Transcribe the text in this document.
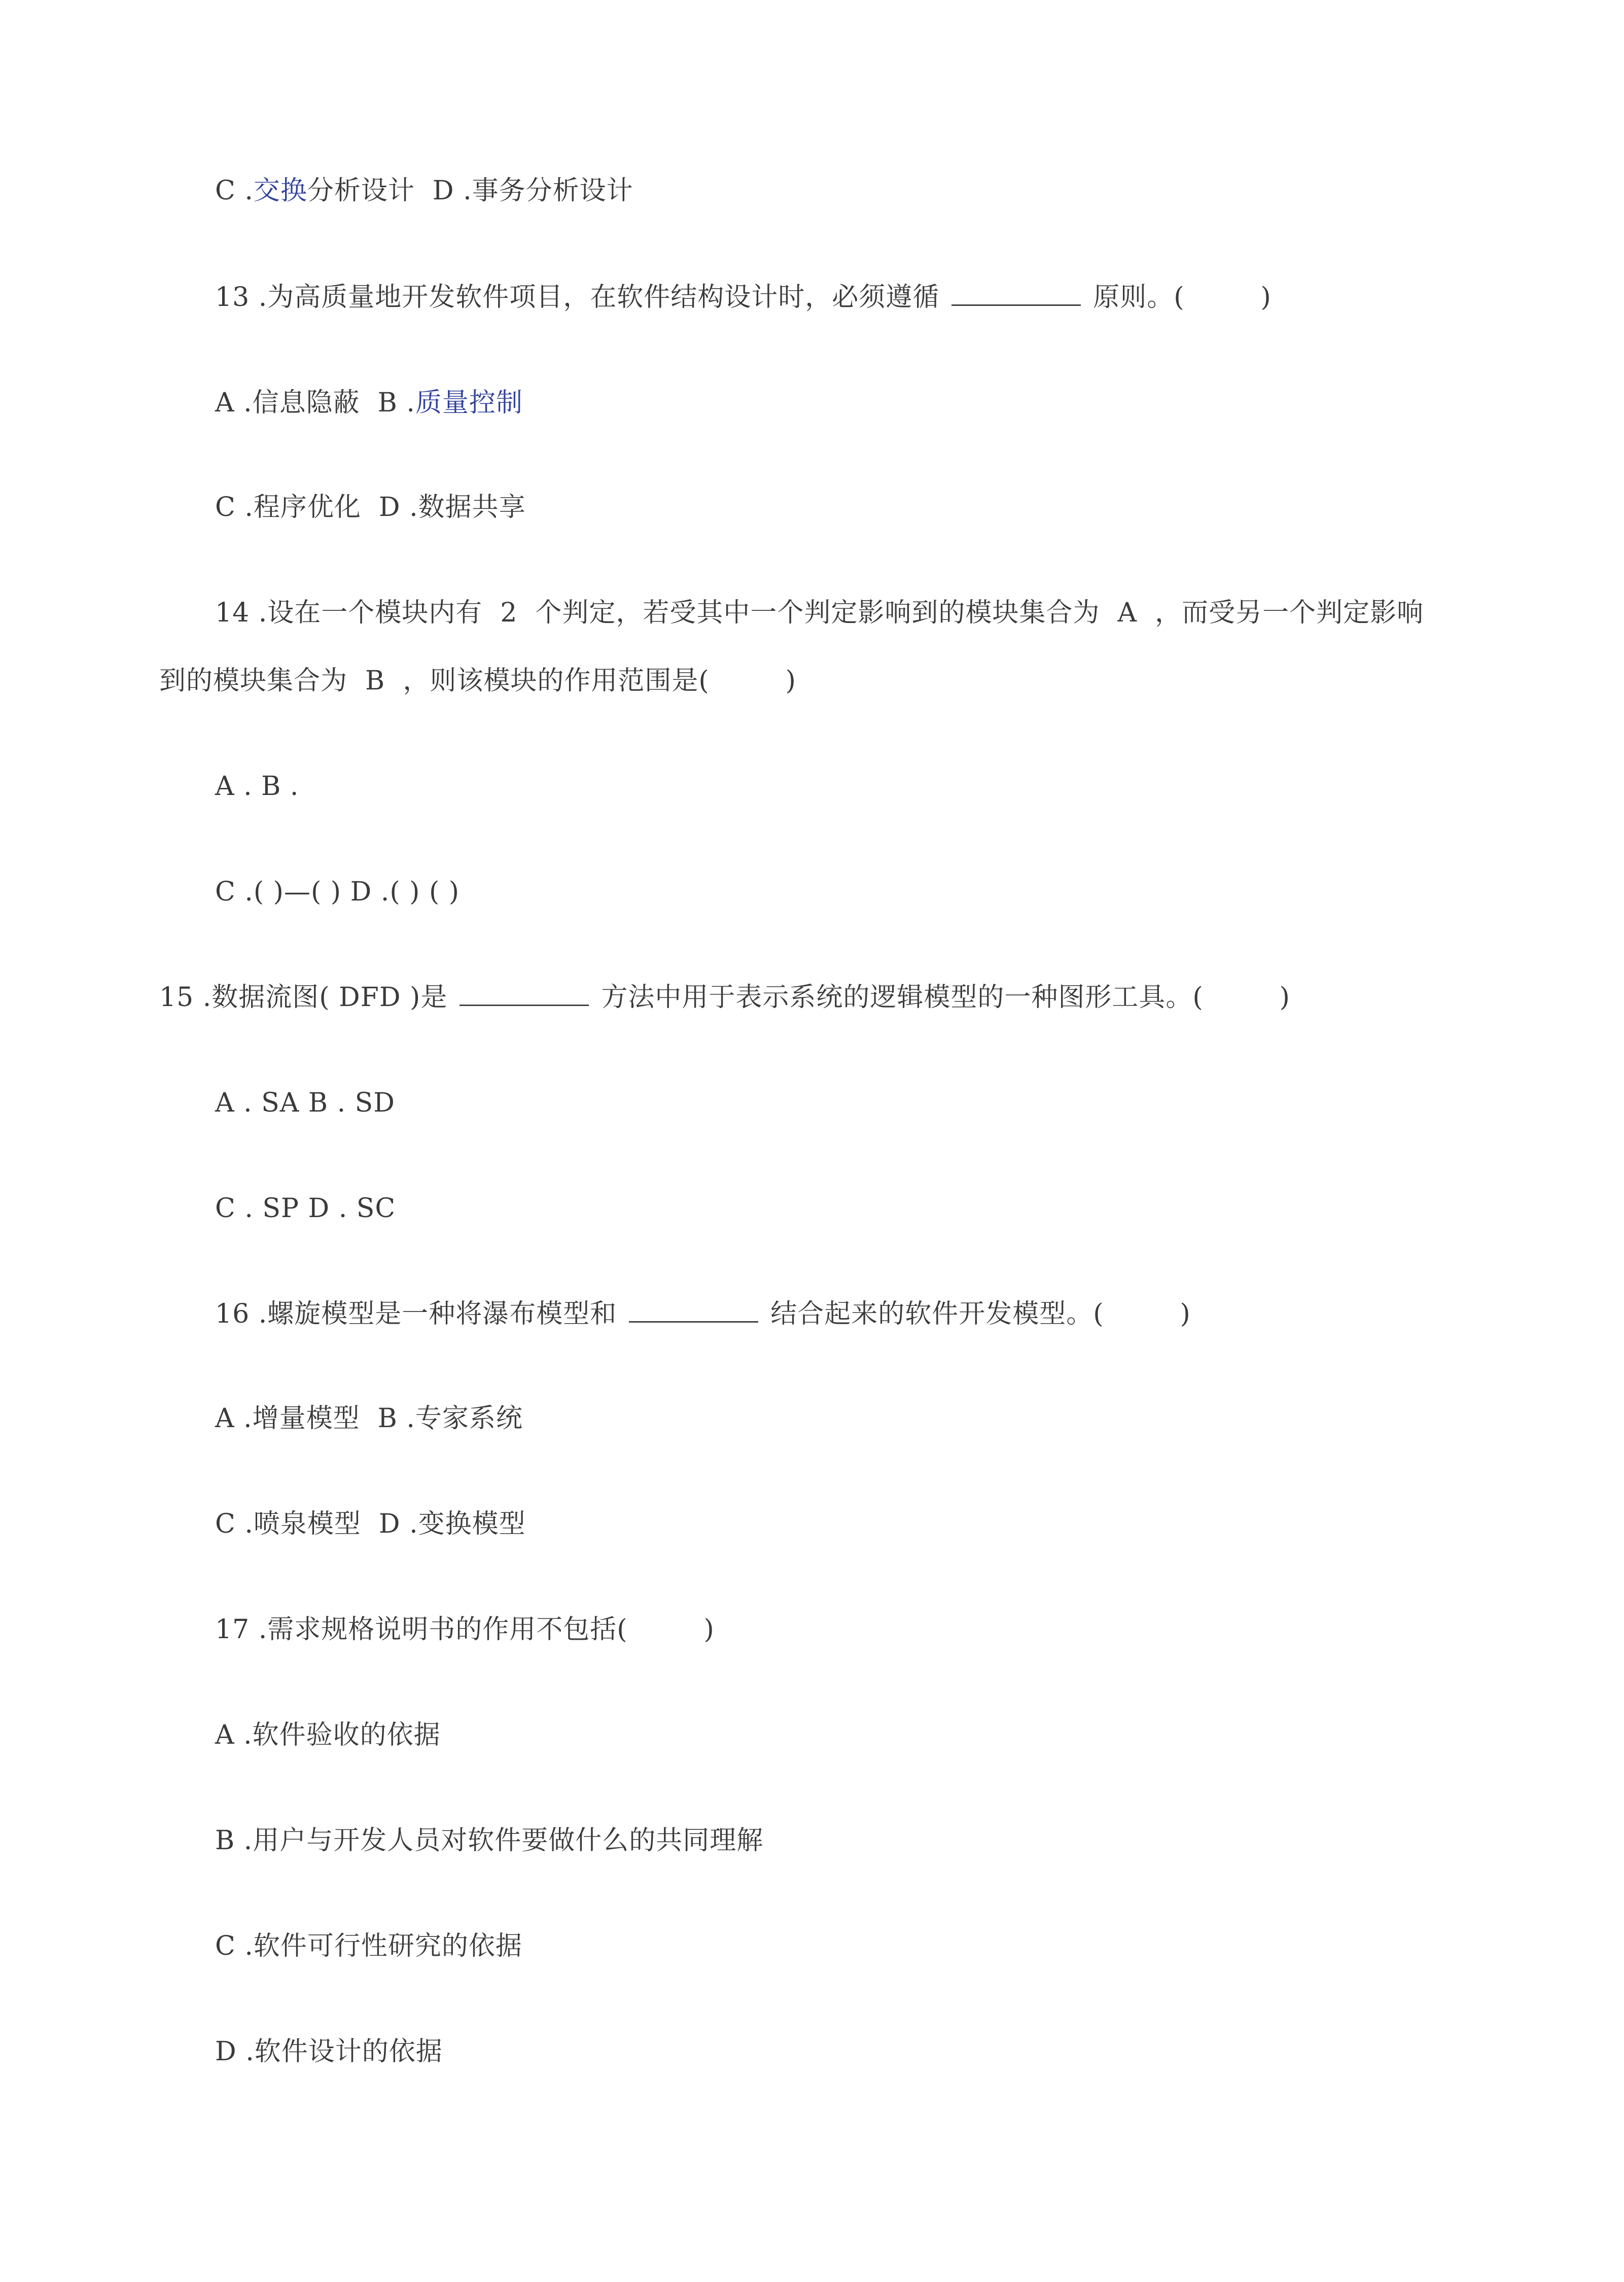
C .交换分析设计  D .事务分析设计
13 .为高质量地开发软件项目，在软件结构设计时，必须遵循	原则。(	)
A .信息隐蔽  B .质量控制
C .程序优化  D .数据共享
14 .设在一个模块内有  2  个判定，若受其中一个判定影响到的模块集合为  A  ，而受另一个判定影响
到的模块集合为  B  ，则该模块的作用范围是(	)
A . B .
C .( )—( ) D .( ) ( )
15 .数据流图( DFD )是	方法中用于表示系统的逻辑模型的一种图形工具。(	)
A . SA B . SD
C . SP D . SC
16 .螺旋模型是一种将瀑布模型和	结合起来的软件开发模型。(	)
A .增量模型  B .专家系统
C .喷泉模型  D .变换模型
17 .需求规格说明书的作用不包括(	)
A .软件验收的依据
B .用户与开发人员对软件要做什么的共同理解
C .软件可行性研究的依据
D .软件设计的依据
